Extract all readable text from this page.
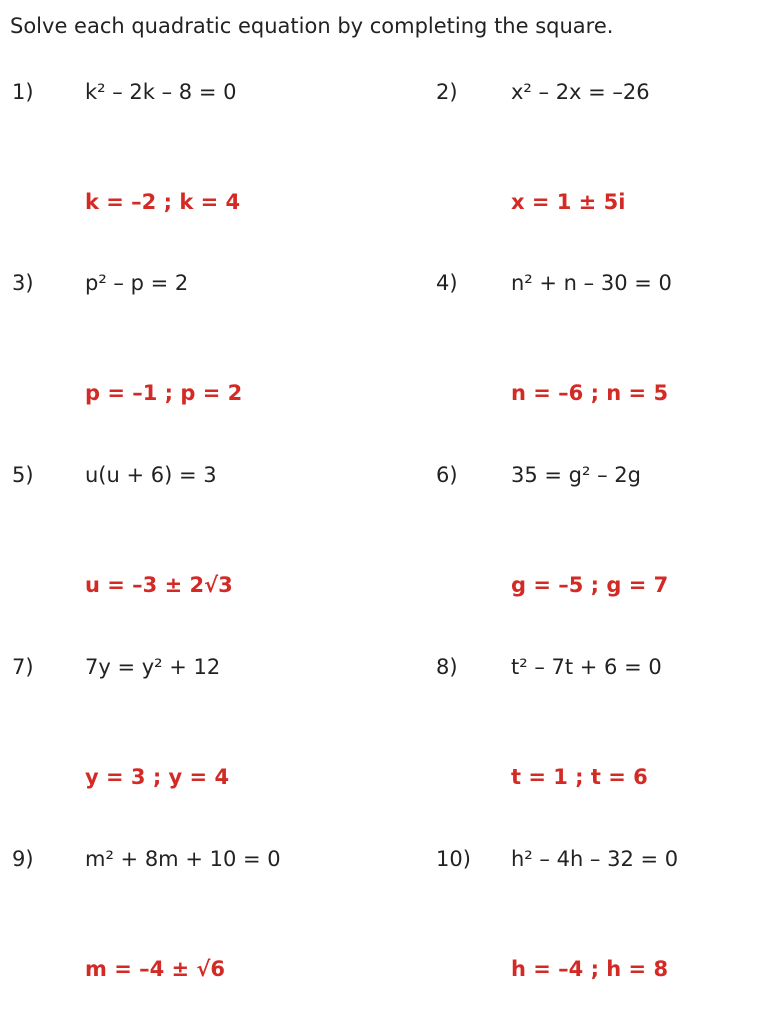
Solve each quadratic equation by completing the square.
1) k² – 2k – 8 = 0
k = –2 ; k = 4
2)	x² – 2x = –26
x = 1 ± 5i
3) p² – p = 2
p = –1 ; p = 2
4)	n² + n – 30 = 0
n = –6 ; n = 5
5) u(u + 6) = 3
u = –3 ± 2√3
6)	35 = g² – 2g
g = –5 ; g = 7
7) 7y = y² + 12
y = 3 ; y = 4
8)	t² – 7t + 6 = 0
t = 1 ; t = 6
9) m² + 8m + 10 = 0
m = –4 ± √6
10) h² – 4h – 32 = 0
h = –4 ; h = 8
